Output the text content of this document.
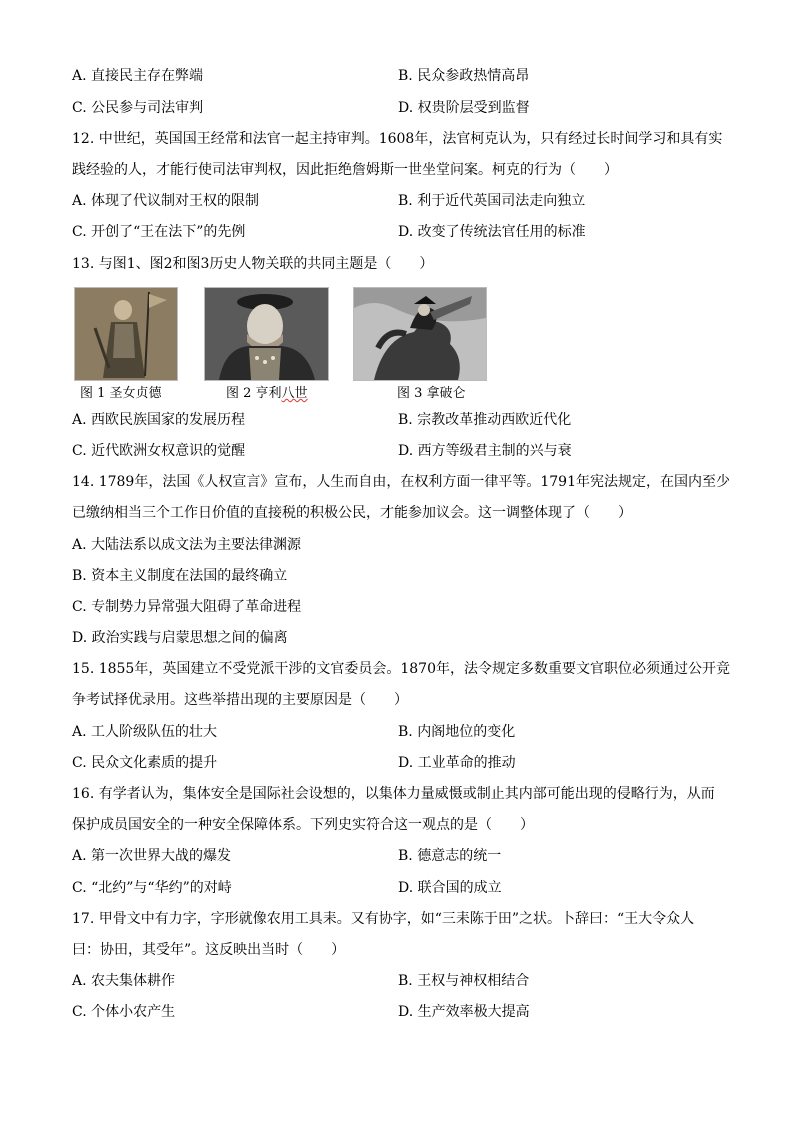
A. 直接民主存在弊端	B. 民众参政热情高昂
C. 公民参与司法审判	D. 权贵阶层受到监督
12. 中世纪，英国国王经常和法官一起主持审判。1608年，法官柯克认为，只有经过长时间学习和具有实
践经验的人，才能行使司法审判权，因此拒绝詹姆斯一世坐堂问案。柯克的行为（　　）
A. 体现了代议制对王权的限制	B. 利于近代英国司法走向独立
C. 开创了“王在法下”的先例	D. 改变了传统法官任用的标准
13. 与图1、图2和图3历史人物关联的共同主题是（　　）
图 1 圣女贞德	图 2 亨利八世	图 3 拿破仑
A. 西欧民族国家的发展历程	B. 宗教改革推动西欧近代化
C. 近代欧洲女权意识的觉醒	D. 西方等级君主制的兴与衰
14. 1789年，法国《人权宣言》宣布，人生而自由，在权利方面一律平等。1791年宪法规定，在国内至少
已缴纳相当三个工作日价值的直接税的积极公民，才能参加议会。这一调整体现了（　　）
A. 大陆法系以成文法为主要法律渊源
B. 资本主义制度在法国的最终确立
C. 专制势力异常强大阻碍了革命进程
D. 政治实践与启蒙思想之间的偏离
15. 1855年，英国建立不受党派干涉的文官委员会。1870年，法令规定多数重要文官职位必须通过公开竞
争考试择优录用。这些举措出现的主要原因是（　　）
A. 工人阶级队伍的壮大	B. 内阁地位的变化
C. 民众文化素质的提升	D. 工业革命的推动
16. 有学者认为，集体安全是国际社会设想的，以集体力量威慑或制止其内部可能出现的侵略行为，从而
保护成员国安全的一种安全保障体系。下列史实符合这一观点的是（　　）
A. 第一次世界大战的爆发	B. 德意志的统一
C. “北约”与“华约”的对峙	D. 联合国的成立
17. 甲骨文中有力字，字形就像农用工具耒。又有协字，如“三耒陈于田”之状。卜辞曰：“王大令众人
曰：协田，其受年”。这反映出当时（　　）
A. 农夫集体耕作	B. 王权与神权相结合
C. 个体小农产生	D. 生产效率极大提高
